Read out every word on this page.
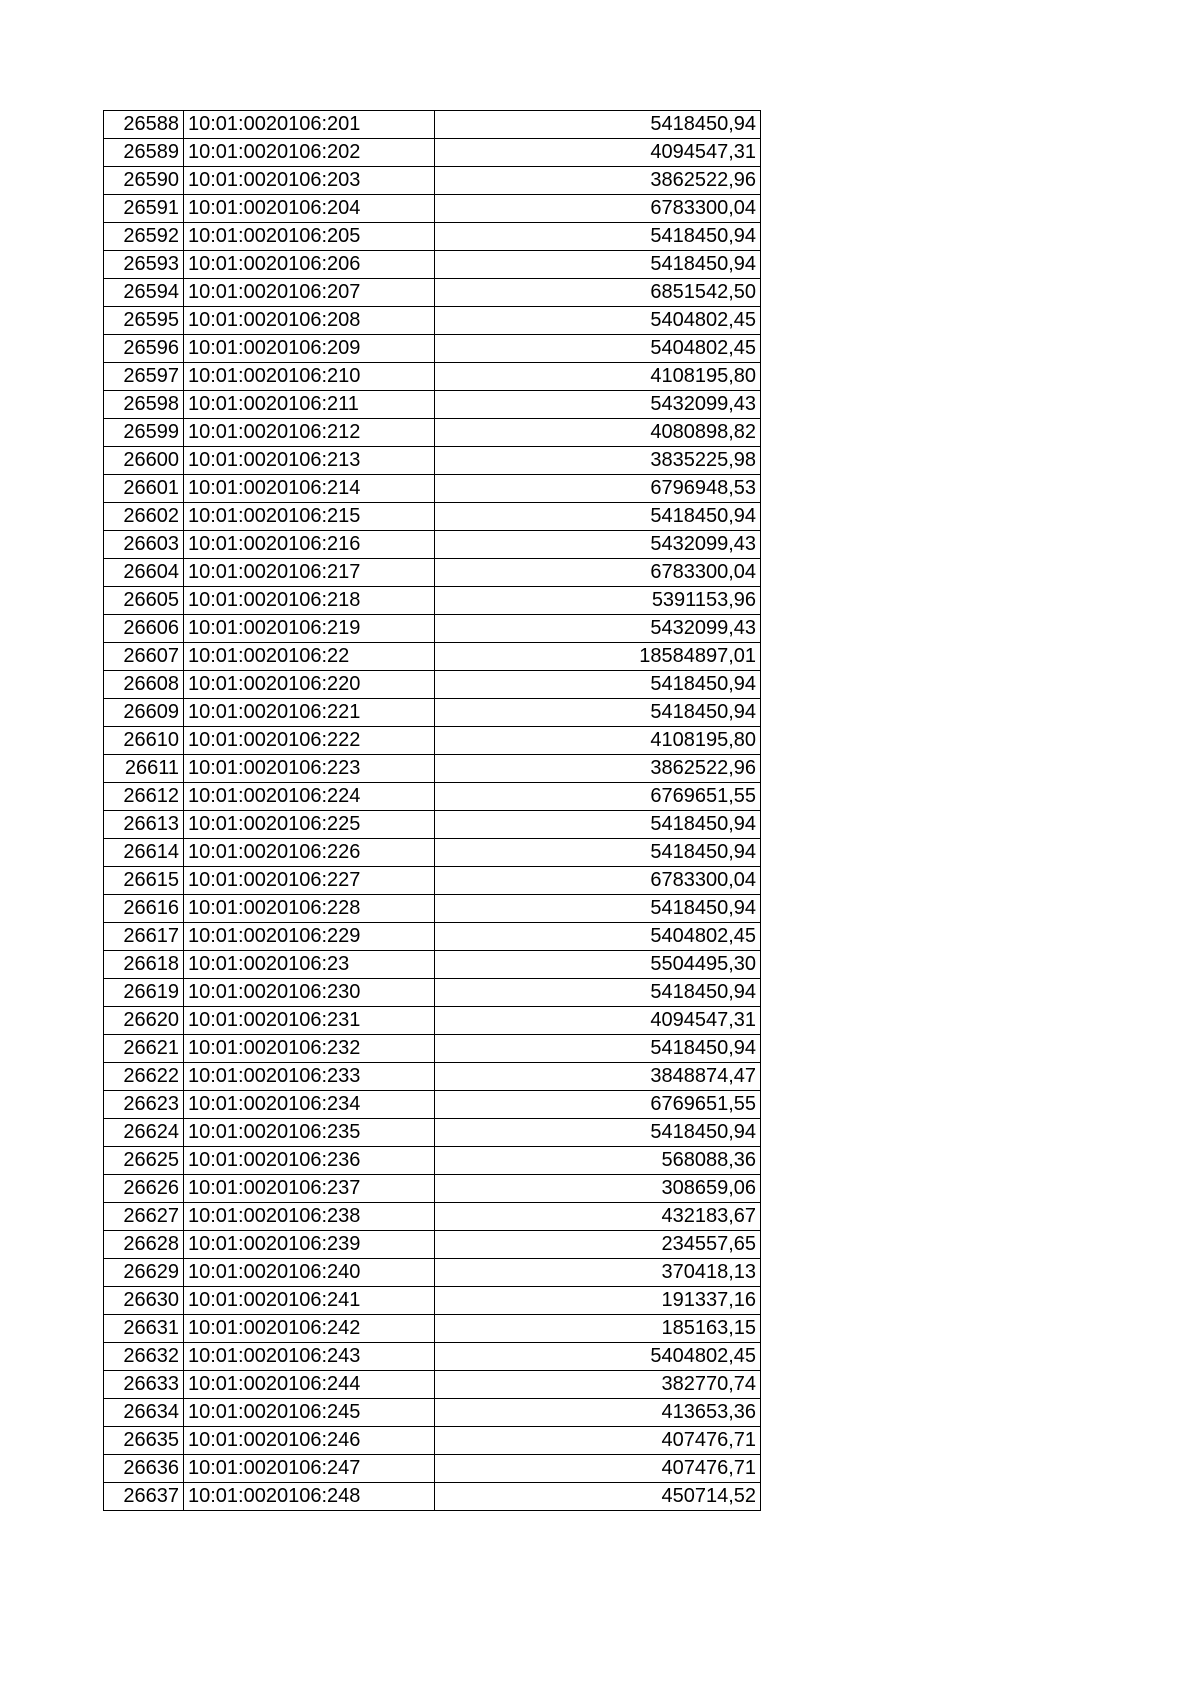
26588	10:01:0020106:201	5418450,94
26589	10:01:0020106:202	4094547,31
26590	10:01:0020106:203	3862522,96
26591	10:01:0020106:204	6783300,04
26592	10:01:0020106:205	5418450,94
26593	10:01:0020106:206	5418450,94
26594	10:01:0020106:207	6851542,50
26595	10:01:0020106:208	5404802,45
26596	10:01:0020106:209	5404802,45
26597	10:01:0020106:210	4108195,80
26598	10:01:0020106:211	5432099,43
26599	10:01:0020106:212	4080898,82
26600	10:01:0020106:213	3835225,98
26601	10:01:0020106:214	6796948,53
26602	10:01:0020106:215	5418450,94
26603	10:01:0020106:216	5432099,43
26604	10:01:0020106:217	6783300,04
26605	10:01:0020106:218	5391153,96
26606	10:01:0020106:219	5432099,43
26607	10:01:0020106:22	18584897,01
26608	10:01:0020106:220	5418450,94
26609	10:01:0020106:221	5418450,94
26610	10:01:0020106:222	4108195,80
26611	10:01:0020106:223	3862522,96
26612	10:01:0020106:224	6769651,55
26613	10:01:0020106:225	5418450,94
26614	10:01:0020106:226	5418450,94
26615	10:01:0020106:227	6783300,04
26616	10:01:0020106:228	5418450,94
26617	10:01:0020106:229	5404802,45
26618	10:01:0020106:23	5504495,30
26619	10:01:0020106:230	5418450,94
26620	10:01:0020106:231	4094547,31
26621	10:01:0020106:232	5418450,94
26622	10:01:0020106:233	3848874,47
26623	10:01:0020106:234	6769651,55
26624	10:01:0020106:235	5418450,94
26625	10:01:0020106:236	568088,36
26626	10:01:0020106:237	308659,06
26627	10:01:0020106:238	432183,67
26628	10:01:0020106:239	234557,65
26629	10:01:0020106:240	370418,13
26630	10:01:0020106:241	191337,16
26631	10:01:0020106:242	185163,15
26632	10:01:0020106:243	5404802,45
26633	10:01:0020106:244	382770,74
26634	10:01:0020106:245	413653,36
26635	10:01:0020106:246	407476,71
26636	10:01:0020106:247	407476,71
26637	10:01:0020106:248	450714,52
